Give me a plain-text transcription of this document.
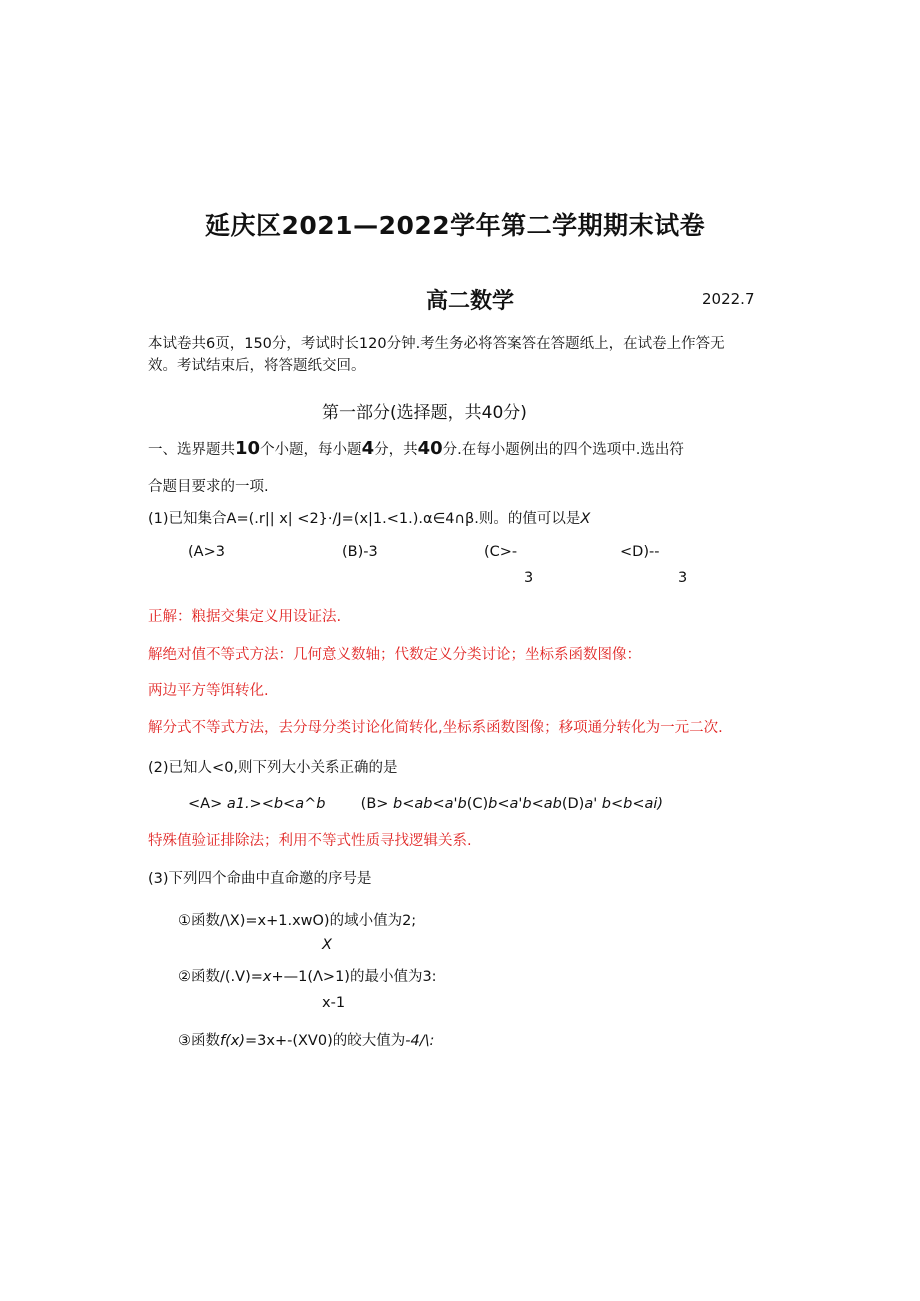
延庆区2021—2022学年第二学期期末试卷
高二数学	2022.7
本试卷共6页，150分，考试时长120分钟.考生务必将答案答在答题纸上，在试卷上作答无
效。考试结束后，将答题纸交回。
第一部分(选择题，共40分)
一、选界题共10个小题，每小题4分，共40分.在每小题例出的四个选项中.选出符
合题目要求的一项.
(1)已知集合A=(.r|| x| <2}·/J=(x|1.<1.).α∈4∩β.则。的值可以是X
(A>3	(B)-3	(C>-
3
<D)--
3
正解：粮据交集定义用设证法.
解绝对值不等式方法：几何意义数轴；代数定义分类讨论；坐标系函数图像：
两边平方等饵转化.
解分式不等式方法，去分母分类讨论化简转化,坐标系函数图像；移项通分转化为一元二次.
(2)已知人<0,则下列大小关系正确的是
<A> a1.><b<a^b (B> b<ab<a'b(C)b<a'b<ab(D)a' b<b<ai)
特殊值验证排除法；利用不等式性质寻找逻辑关系.
(3)下列四个命曲中直命邀的序号是
①函数/\X)=x+1.xwO)的域小值为2;
X
②函数/(.V)=x+—1(Λ>1)的最小值为3:
x-1
③函数f(x)=3x+-(XV0)的皎大值为-4/\:
